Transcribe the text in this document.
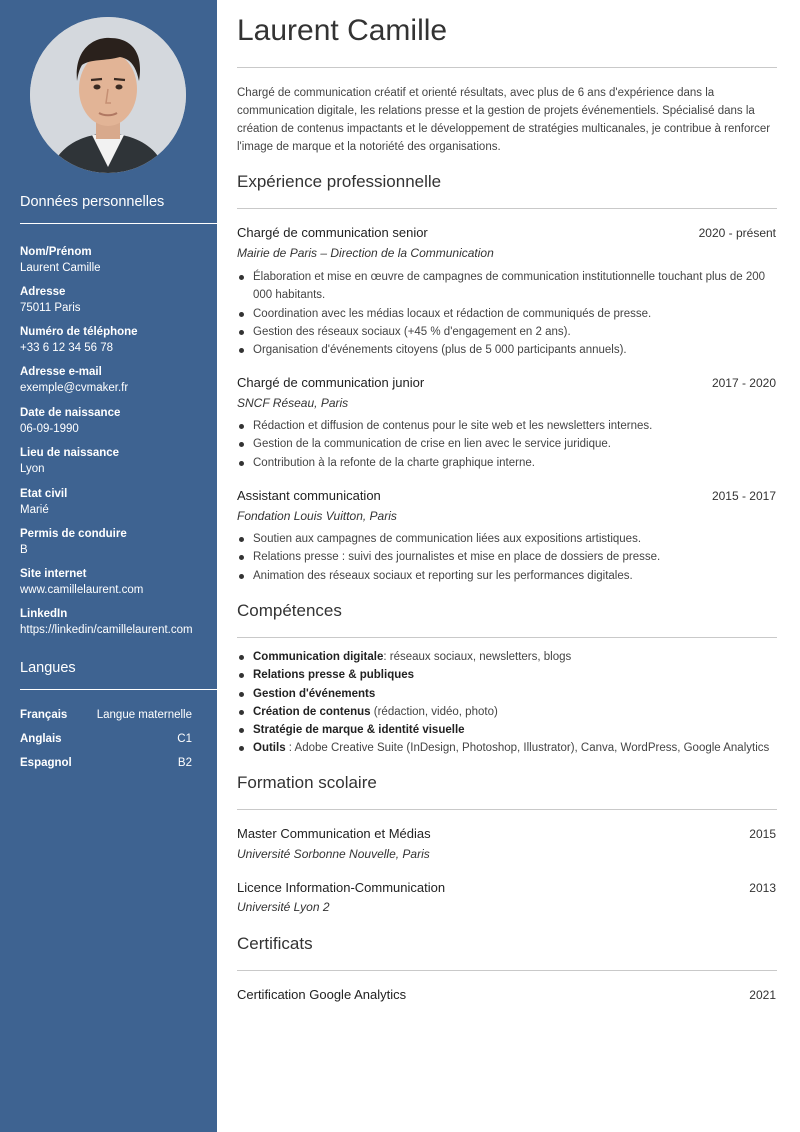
Données personnelles
Nom/Prénom
Laurent Camille
Adresse
75011 Paris
Numéro de téléphone
+33 6 12 34 56 78
Adresse e-mail
exemple@cvmaker.fr
Date de naissance
06-09-1990
Lieu de naissance
Lyon
Etat civil
Marié
Permis de conduire
B
Site internet
www.camillelaurent.com
LinkedIn
https://linkedin/camillelaurent.com
Langues
Français	Langue maternelle
Anglais	C1
Espagnol	B2
Laurent Camille
Chargé de communication créatif et orienté résultats, avec plus de 6 ans d'expérience dans la communication digitale, les relations presse et la gestion de projets événementiels. Spécialisé dans la création de contenus impactants et le développement de stratégies multicanales, je contribue à renforcer l'image de marque et la notoriété des organisations.
Expérience professionnelle
Chargé de communication senior	2020 - présent
Mairie de Paris – Direction de la Communication
Élaboration et mise en œuvre de campagnes de communication institutionnelle touchant plus de 200 000 habitants.
Coordination avec les médias locaux et rédaction de communiqués de presse.
Gestion des réseaux sociaux (+45 % d'engagement en 2 ans).
Organisation d'événements citoyens (plus de 5 000 participants annuels).
Chargé de communication junior	2017 - 2020
SNCF Réseau, Paris
Rédaction et diffusion de contenus pour le site web et les newsletters internes.
Gestion de la communication de crise en lien avec le service juridique.
Contribution à la refonte de la charte graphique interne.
Assistant communication	2015 - 2017
Fondation Louis Vuitton, Paris
Soutien aux campagnes de communication liées aux expositions artistiques.
Relations presse : suivi des journalistes et mise en place de dossiers de presse.
Animation des réseaux sociaux et reporting sur les performances digitales.
Compétences
Communication digitale: réseaux sociaux, newsletters, blogs
Relations presse & publiques
Gestion d'événements
Création de contenus (rédaction, vidéo, photo)
Stratégie de marque & identité visuelle
Outils : Adobe Creative Suite (InDesign, Photoshop, Illustrator), Canva, WordPress, Google Analytics
Formation scolaire
Master Communication et Médias	2015
Université Sorbonne Nouvelle, Paris
Licence Information-Communication	2013
Université Lyon 2
Certificats
Certification Google Analytics	2021
